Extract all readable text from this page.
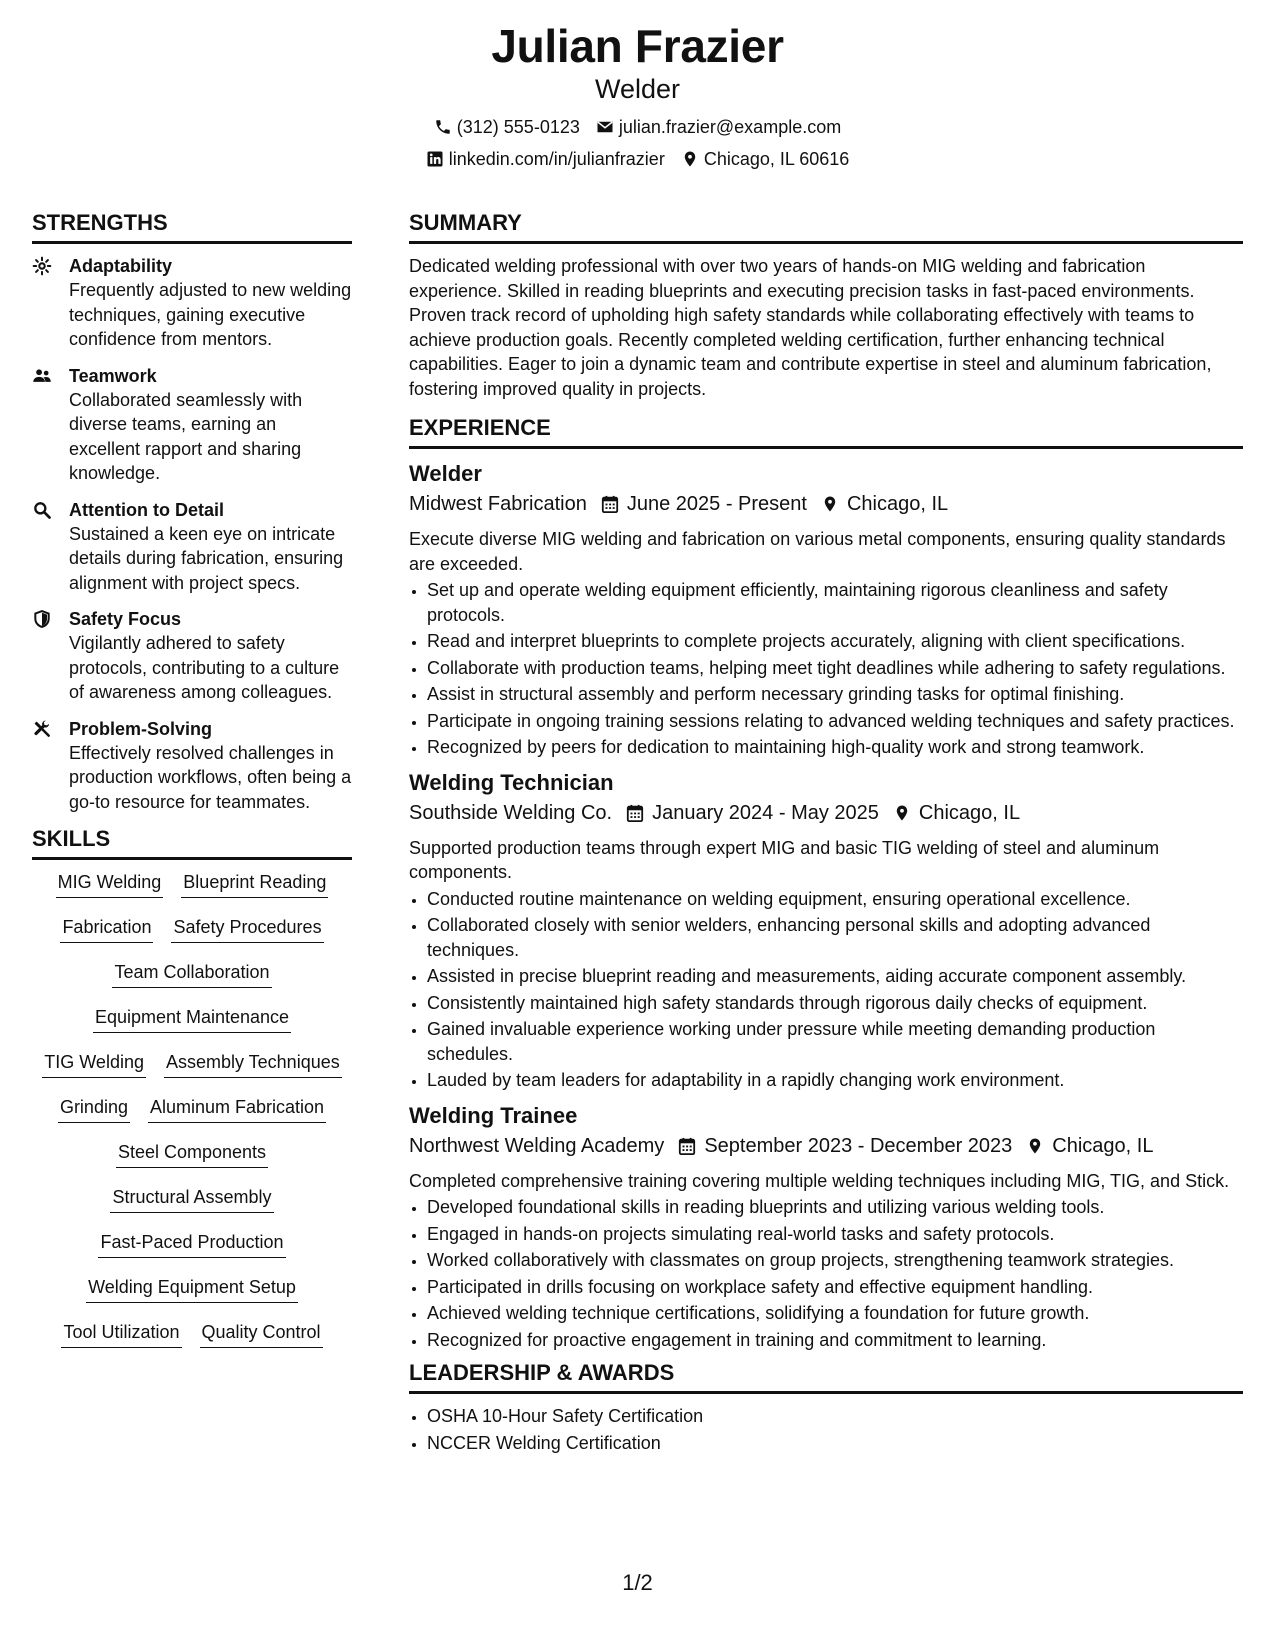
Julian Frazier
Welder
(312) 555-0123 julian.frazier@example.com
linkedin.com/in/julianfrazier Chicago, IL 60616
STRENGTHS
Adaptability
Frequently adjusted to new welding techniques, gaining executive confidence from mentors.
Teamwork
Collaborated seamlessly with diverse teams, earning an excellent rapport and sharing knowledge.
Attention to Detail
Sustained a keen eye on intricate details during fabrication, ensuring alignment with project specs.
Safety Focus
Vigilantly adhered to safety protocols, contributing to a culture of awareness among colleagues.
Problem-Solving
Effectively resolved challenges in production workflows, often being a go-to resource for teammates.
SKILLS
MIG Welding Blueprint Reading
Fabrication Safety Procedures
Team Collaboration
Equipment Maintenance
TIG Welding Assembly Techniques
Grinding Aluminum Fabrication
Steel Components
Structural Assembly
Fast-Paced Production
Welding Equipment Setup
Tool Utilization Quality Control
SUMMARY
Dedicated welding professional with over two years of hands-on MIG welding and fabrication experience. Skilled in reading blueprints and executing precision tasks in fast-paced environments. Proven track record of upholding high safety standards while collaborating effectively with teams to achieve production goals. Recently completed welding certification, further enhancing technical capabilities. Eager to join a dynamic team and contribute expertise in steel and aluminum fabrication, fostering improved quality in projects.
EXPERIENCE
Welder
Midwest Fabrication June 2025 - Present Chicago, IL
Execute diverse MIG welding and fabrication on various metal components, ensuring quality standards are exceeded.
• Set up and operate welding equipment efficiently, maintaining rigorous cleanliness and safety protocols.
• Read and interpret blueprints to complete projects accurately, aligning with client specifications.
• Collaborate with production teams, helping meet tight deadlines while adhering to safety regulations.
• Assist in structural assembly and perform necessary grinding tasks for optimal finishing.
• Participate in ongoing training sessions relating to advanced welding techniques and safety practices.
• Recognized by peers for dedication to maintaining high-quality work and strong teamwork.
Welding Technician
Southside Welding Co. January 2024 - May 2025 Chicago, IL
Supported production teams through expert MIG and basic TIG welding of steel and aluminum components.
• Conducted routine maintenance on welding equipment, ensuring operational excellence.
• Collaborated closely with senior welders, enhancing personal skills and adopting advanced techniques.
• Assisted in precise blueprint reading and measurements, aiding accurate component assembly.
• Consistently maintained high safety standards through rigorous daily checks of equipment.
• Gained invaluable experience working under pressure while meeting demanding production schedules.
• Lauded by team leaders for adaptability in a rapidly changing work environment.
Welding Trainee
Northwest Welding Academy September 2023 - December 2023 Chicago, IL
Completed comprehensive training covering multiple welding techniques including MIG, TIG, and Stick.
• Developed foundational skills in reading blueprints and utilizing various welding tools.
• Engaged in hands-on projects simulating real-world tasks and safety protocols.
• Worked collaboratively with classmates on group projects, strengthening teamwork strategies.
• Participated in drills focusing on workplace safety and effective equipment handling.
• Achieved welding technique certifications, solidifying a foundation for future growth.
• Recognized for proactive engagement in training and commitment to learning.
LEADERSHIP & AWARDS
• OSHA 10-Hour Safety Certification
• NCCER Welding Certification
1/2
